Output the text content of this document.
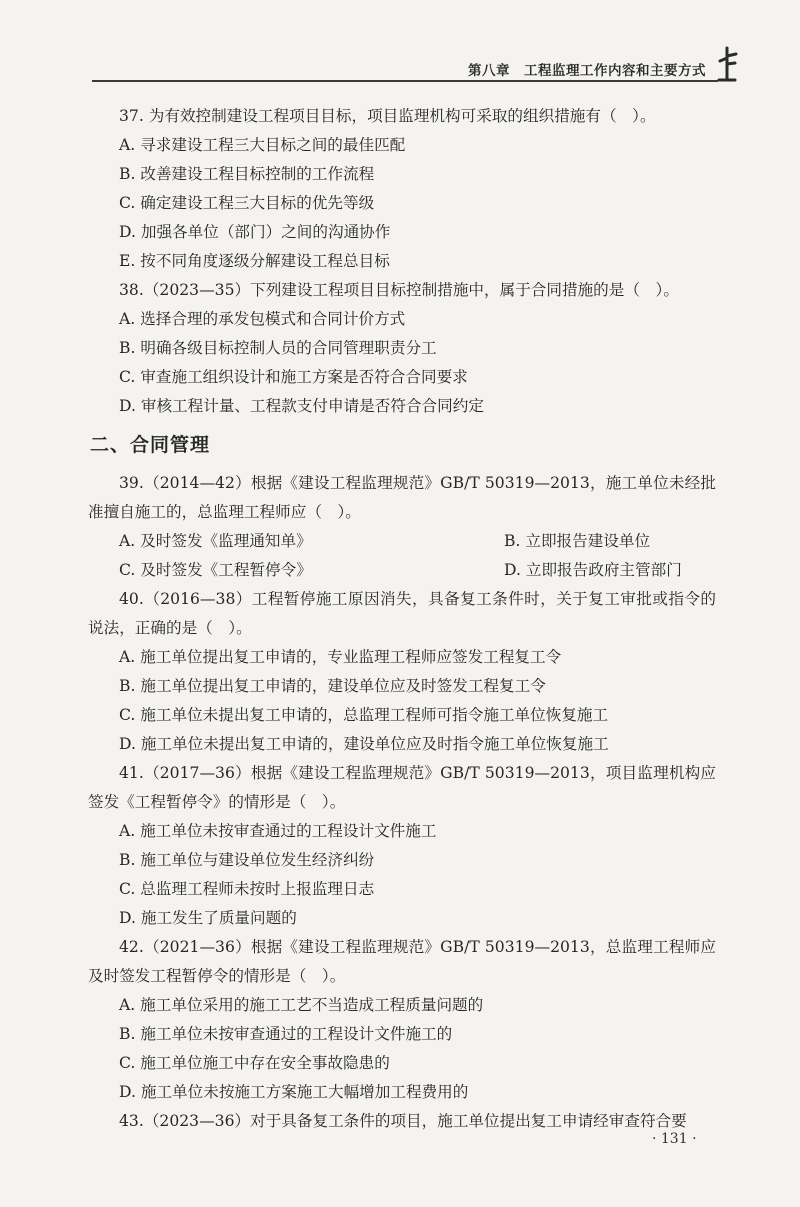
第八章 工程监理工作内容和主要方式

37. 为有效控制建设工程项目目标，项目监理机构可采取的组织措施有（　）。

A. 寻求建设工程三大目标之间的最佳匹配

B. 改善建设工程目标控制的工作流程

C. 确定建设工程三大目标的优先等级

D. 加强各单位（部门）之间的沟通协作

E. 按不同角度逐级分解建设工程总目标

38.（2023—35）下列建设工程项目目标控制措施中，属于合同措施的是（　）。

A. 选择合理的承发包模式和合同计价方式

B. 明确各级目标控制人员的合同管理职责分工

C. 审查施工组织设计和施工方案是否符合合同要求

D. 审核工程计量、工程款支付申请是否符合合同约定

二、合同管理

39.（2014—42）根据《建设工程监理规范》GB/T 50319—2013，施工单位未经批准擅自施工的，总监理工程师应（　）。

A. 及时签发《监理通知单》	B. 立即报告建设单位

C. 及时签发《工程暂停令》	D. 立即报告政府主管部门

40.（2016—38）工程暂停施工原因消失，具备复工条件时，关于复工审批或指令的说法，正确的是（　）。

A. 施工单位提出复工申请的，专业监理工程师应签发工程复工令

B. 施工单位提出复工申请的，建设单位应及时签发工程复工令

C. 施工单位未提出复工申请的，总监理工程师可指令施工单位恢复施工

D. 施工单位未提出复工申请的，建设单位应及时指令施工单位恢复施工

41.（2017—36）根据《建设工程监理规范》GB/T 50319—2013，项目监理机构应签发《工程暂停令》的情形是（　）。

A. 施工单位未按审查通过的工程设计文件施工

B. 施工单位与建设单位发生经济纠纷

C. 总监理工程师未按时上报监理日志

D. 施工发生了质量问题的

42.（2021—36）根据《建设工程监理规范》GB/T 50319—2013，总监理工程师应及时签发工程暂停令的情形是（　）。

A. 施工单位采用的施工工艺不当造成工程质量问题的

B. 施工单位未按审查通过的工程设计文件施工的

C. 施工单位施工中存在安全事故隐患的

D. 施工单位未按施工方案施工大幅增加工程费用的

43.（2023—36）对于具备复工条件的项目，施工单位提出复工申请经审查符合要

· 131 ·
